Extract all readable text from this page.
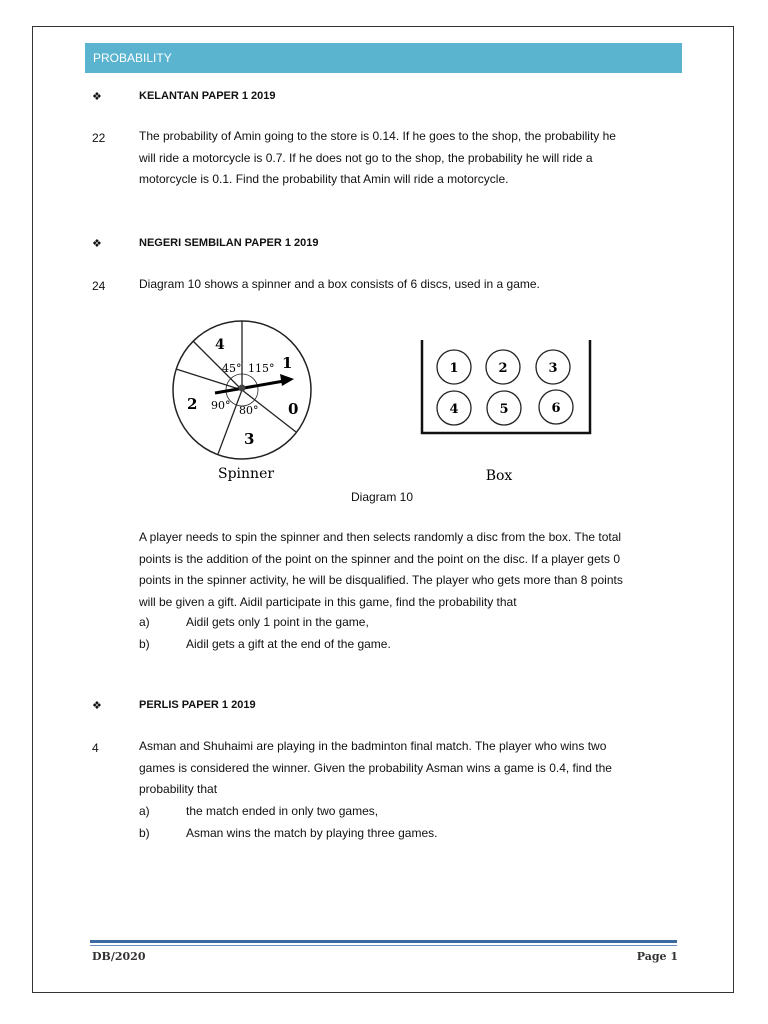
PROBABILITY
❖	KELANTAN PAPER 1 2019
22	The probability of Amin going to the store is 0.14. If he goes to the shop, the probability he

will ride a motorcycle is 0.7. If he does not go to the shop, the probability he will ride a

motorcycle is 0.1. Find the probability that Amin will ride a motorcycle.

❖	NEGERI SEMBILAN PAPER 1 2019
24	Diagram 10 shows a spinner and a box consists of 6 discs, used in a game.

4
1
2	0
3
45° 115°
90° 80°
Spinner
1	2	3
4	5	6
Box
Diagram 10

A player needs to spin the spinner and then selects randomly a disc from the box. The total

points is the addition of the point on the spinner and the point on the disc. If a player gets 0

points in the spinner activity, he will be disqualified. The player who gets more than 8 points

will be given a gift. Aidil participate in this game, find the probability that

a)	Aidil gets only 1 point in the game,
b)	Aidil gets a gift at the end of the game.
❖	PERLIS PAPER 1 2019
4	Asman and Shuhaimi are playing in the badminton final match. The player who wins two

games is considered the winner. Given the probability Asman wins a game is 0.4, find the

probability that

a)	the match ended in only two games,
b)	Asman wins the match by playing three games.
DB/2020	Page 1
